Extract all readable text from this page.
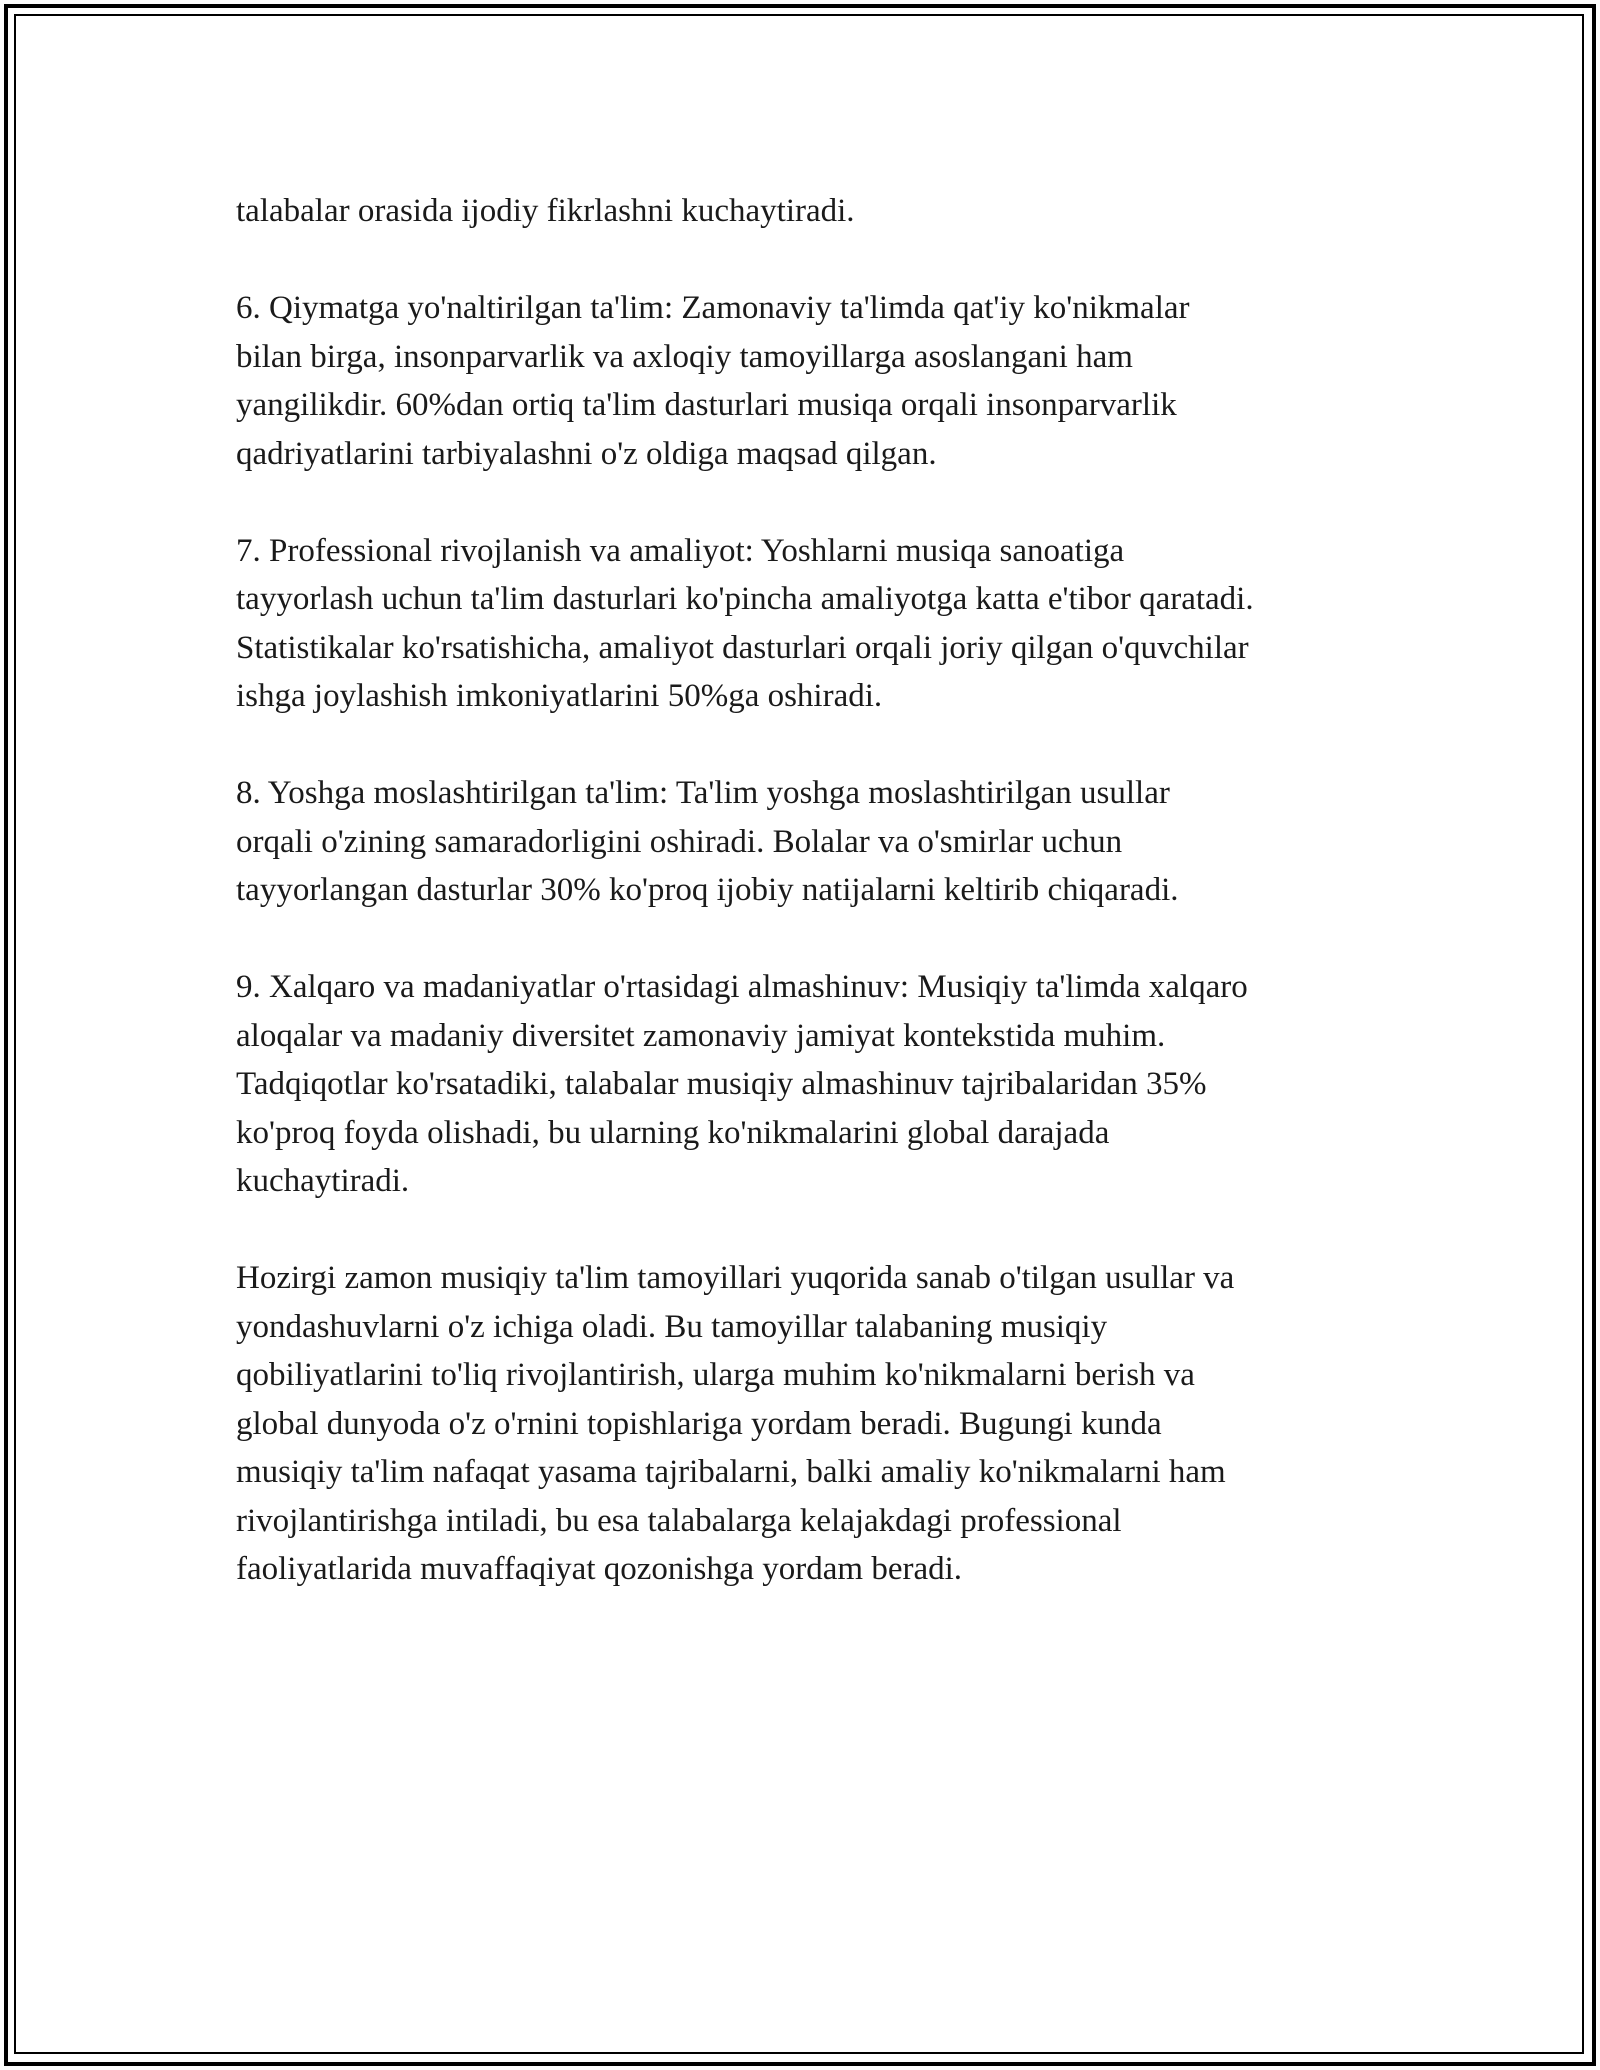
talabalar orasida ijodiy fikrlashni kuchaytiradi.

6. Qiymatga yo'naltirilgan ta'lim: Zamonaviy ta'limda qat'iy ko'nikmalar
bilan birga, insonparvarlik va axloqiy tamoyillarga asoslangani ham
yangilikdir. 60%dan ortiq ta'lim dasturlari musiqa orqali insonparvarlik
qadriyatlarini tarbiyalashni o'z oldiga maqsad qilgan.

7. Professional rivojlanish va amaliyot: Yoshlarni musiqa sanoatiga
tayyorlash uchun ta'lim dasturlari ko'pincha amaliyotga katta e'tibor qaratadi.
Statistikalar ko'rsatishicha, amaliyot dasturlari orqali joriy qilgan o'quvchilar
ishga joylashish imkoniyatlarini 50%ga oshiradi.

8. Yoshga moslashtirilgan ta'lim: Ta'lim yoshga moslashtirilgan usullar
orqali o'zining samaradorligini oshiradi. Bolalar va o'smirlar uchun
tayyorlangan dasturlar 30% ko'proq ijobiy natijalarni keltirib chiqaradi.

9. Xalqaro va madaniyatlar o'rtasidagi almashinuv: Musiqiy ta'limda xalqaro
aloqalar va madaniy diversitet zamonaviy jamiyat kontekstida muhim.
Tadqiqotlar ko'rsatadiki, talabalar musiqiy almashinuv tajribalaridan 35%
ko'proq foyda olishadi, bu ularning ko'nikmalarini global darajada
kuchaytiradi.

Hozirgi zamon musiqiy ta'lim tamoyillari yuqorida sanab o'tilgan usullar va
yondashuvlarni o'z ichiga oladi. Bu tamoyillar talabaning musiqiy
qobiliyatlarini to'liq rivojlantirish, ularga muhim ko'nikmalarni berish va
global dunyoda o'z o'rnini topishlariga yordam beradi. Bugungi kunda
musiqiy ta'lim nafaqat yasama tajribalarni, balki amaliy ko'nikmalarni ham
rivojlantirishga intiladi, bu esa talabalarga kelajakdagi professional
faoliyatlarida muvaffaqiyat qozonishga yordam beradi.
